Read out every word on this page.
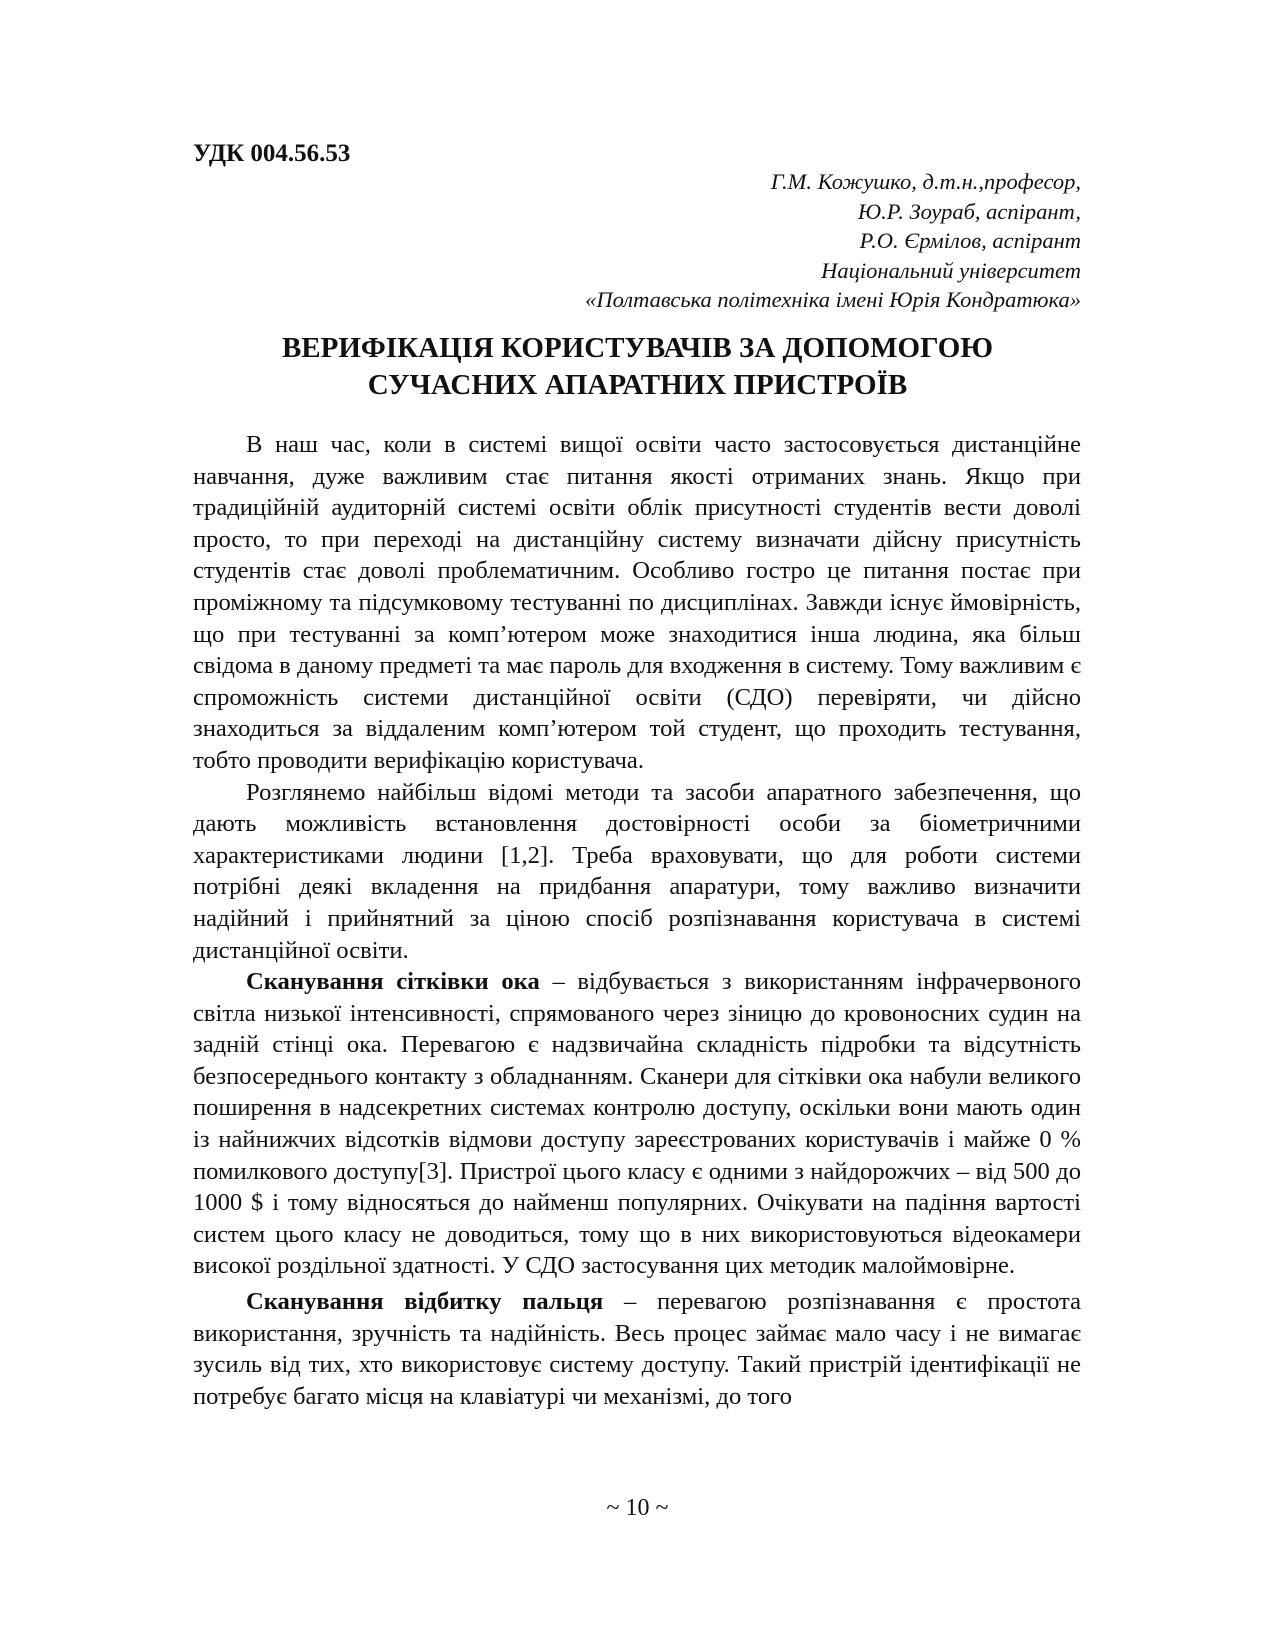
УДК 004.56.53
Г.М. Кожушко, д.т.н.,професор,
Ю.Р. Зоураб, аспірант,
Р.О. Єрмілов, аспірант
Національний університет
«Полтавська політехніка імені Юрія Кондратюка»
ВЕРИФІКАЦІЯ КОРИСТУВАЧІВ ЗА ДОПОМОГОЮ
СУЧАСНИХ АПАРАТНИХ ПРИСТРОЇВ

В наш час, коли в системі вищої освіти часто застосовується дистанційне навчання, дуже важливим стає питання якості отриманих знань. Якщо при традиційній аудиторній системі освіти облік присутності студентів вести доволі просто, то при переході на дистанційну систему визначати дійсну присутність студентів стає доволі проблематичним. Особливо гостро це питання постає при проміжному та підсумковому тестуванні по дисциплінах. Завжди існує ймовірність, що при тестуванні за комп’ютером може знаходитися інша людина, яка більш свідома в даному предметі та має пароль для входження в систему. Тому важливим є спроможність системи дистанційної освіти (СДО) перевіряти, чи дійсно знаходиться за віддаленим комп’ютером той студент, що проходить тестування, тобто проводити верифікацію користувача.

Розглянемо найбільш відомі методи та засоби апаратного забезпечення, що дають можливість встановлення достовірності особи за біометричними характеристиками людини [1,2]. Треба враховувати, що для роботи системи потрібні деякі вкладення на придбання апаратури, тому важливо визначити надійний і прийнятний за ціною спосіб розпізнавання користувача в системі дистанційної освіти.

Сканування сітківки ока – відбувається з використанням інфрачервоного світла низької інтенсивності, спрямованого через зіницю до кровоносних судин на задній стінці ока. Перевагою є надзвичайна складність підробки та відсутність безпосереднього контакту з обладнанням. Сканери для сітківки ока набули великого поширення в надсекретних системах контролю доступу, оскільки вони мають один із найнижчих відсотків відмови доступу зареєстрованих користувачів і майже 0 % помилкового доступу[3]. Пристрої цього класу є одними з найдорожчих – від 500 до 1000 $ і тому відносяться до найменш популярних. Очікувати на падіння вартості систем цього класу не доводиться, тому що в них використовуються відеокамери високої роздільної здатності. У СДО застосування цих методик малоймовірне.

Сканування відбитку пальця – перевагою розпізнавання є простота використання, зручність та надійність. Весь процес займає мало часу і не вимагає зусиль від тих, хто використовує систему доступу. Такий пристрій ідентифікації не потребує багато місця на клавіатурі чи механізмі, до того

~ 10 ~
